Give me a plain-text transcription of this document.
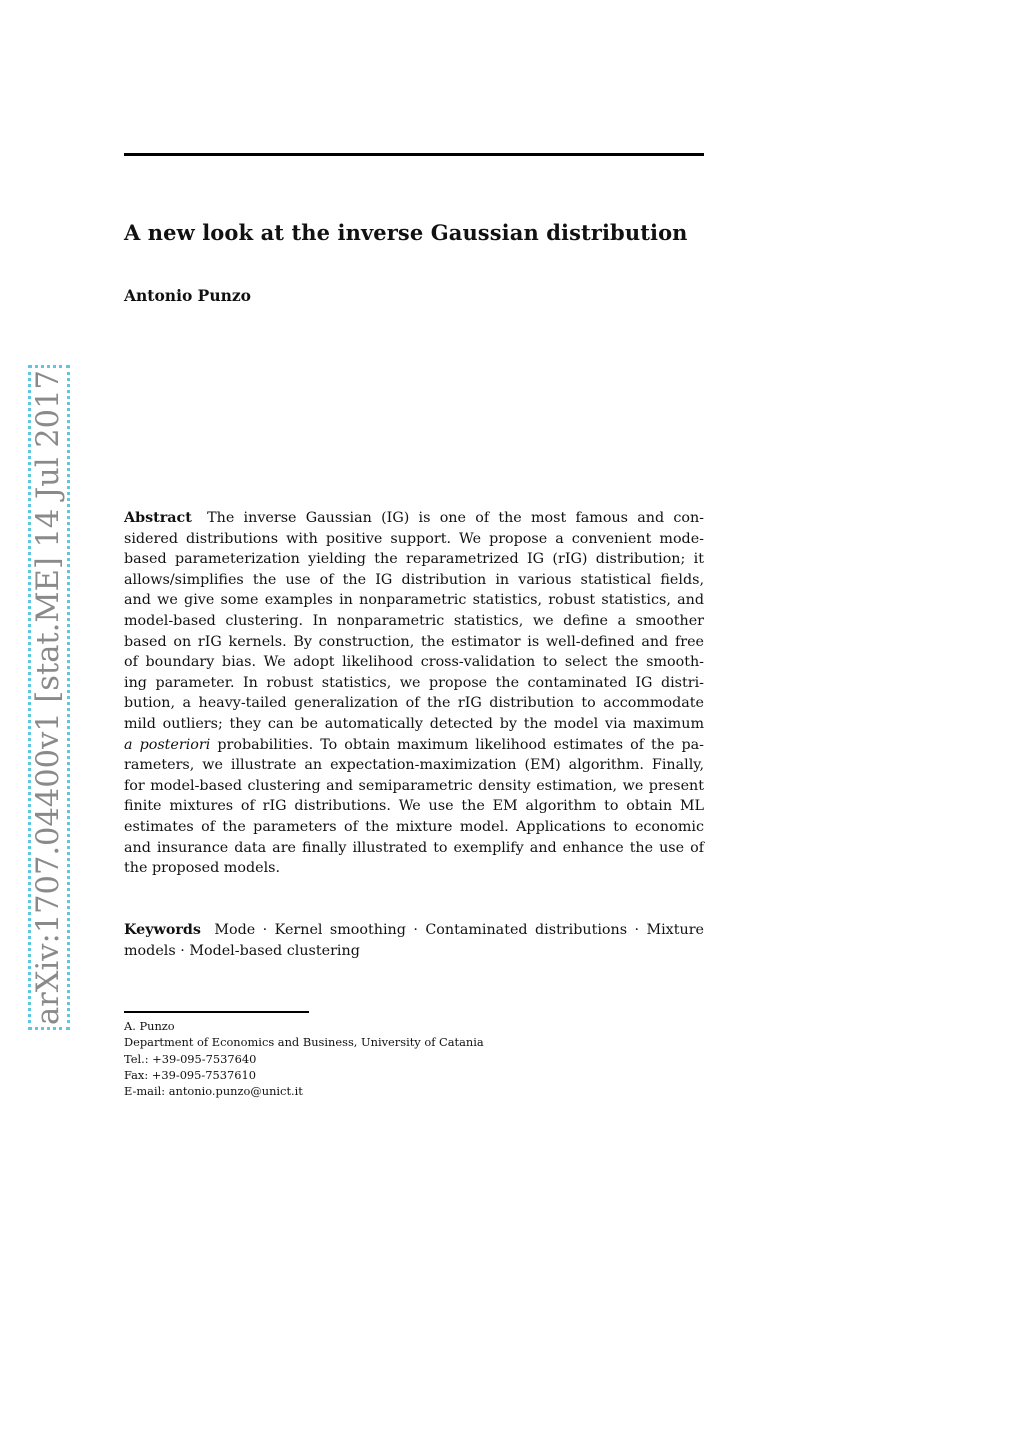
A new look at the inverse Gaussian distribution
Antonio Punzo
arXiv:1707.04400v1 [stat.ME] 14 Jul 2017	Abstract The inverse Gaussian (IG) is one of the most famous and con-
sidered distributions with positive support. We propose a convenient mode-
based parameterization yielding the reparametrized IG (rIG) distribution; it
allows/simplifies the use of the IG distribution in various statistical fields,
and we give some examples in nonparametric statistics, robust statistics, and
model-based clustering. In nonparametric statistics, we define a smoother
based on rIG kernels. By construction, the estimator is well-defined and free
of boundary bias. We adopt likelihood cross-validation to select the smooth-
ing parameter. In robust statistics, we propose the contaminated IG distri-
bution, a heavy-tailed generalization of the rIG distribution to accommodate
mild outliers; they can be automatically detected by the model via maximum
a posteriori probabilities. To obtain maximum likelihood estimates of the pa-
rameters, we illustrate an expectation-maximization (EM) algorithm. Finally,
for model-based clustering and semiparametric density estimation, we present
finite mixtures of rIG distributions. We use the EM algorithm to obtain ML
estimates of the parameters of the mixture model. Applications to economic
and insurance data are finally illustrated to exemplify and enhance the use of
the proposed models.
Keywords Mode · Kernel smoothing · Contaminated distributions · Mixture
models · Model-based clustering
A. Punzo
Department of Economics and Business, University of Catania
Tel.: +39-095-7537640
Fax: +39-095-7537610
E-mail: antonio.punzo@unict.it
